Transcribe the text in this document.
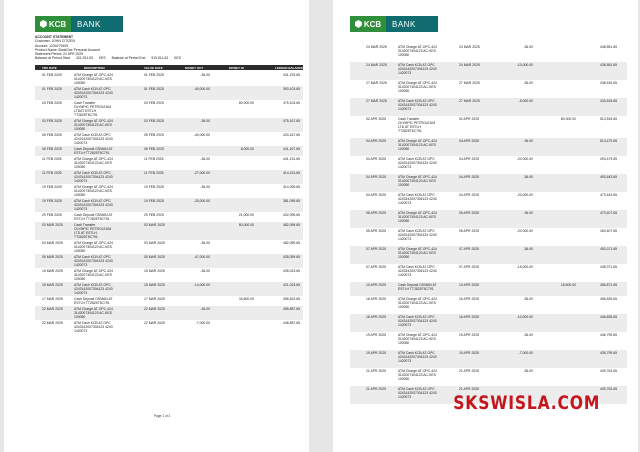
KCB	BANK
ACCOUNT STATEMENT
Customer: JOHN CITIZEN
Account: 1234279405
Product Name: BankOne Personal Account
Statement Period: 21 APR 2025
Balance at Period Start 431,291.63 KES Balance at Period End 519,511.63 KES
TRX DATE	DESCRIPTION	VALUE DATE	MONEY OUT	MONEY IN	LEDGER BALANCE
01 FEB 2025	ATM Charge AT-OPC-424
3142007304123 AC-KES
100050
01 FEB 2025	-36.00	431,193.65
01 FEB 2025	ATM Cash KCB AT-OPC
4243142007304123 4243
1420073
01 FEB 2025	-40,000.00	393,103.65
03 FEB 2025	Cash Transfer
OLYMPIC PETROLEUM
LTDAT ESTLH
TT2825T5C791
03 FEB 2025	80,000.00	475,103.65
03 FEB 2025	ATM Charge AT-OPC-424
3142007304123 AC-KES
100050
03 FEB 2025	-36.00	475,167.65
05 FEB 2025	ATM Cash KCB AT-OPC
4243142007304123 4243
1420073
05 FEB 2025	-40,000.00	433,167.65
06 FEB 2025	Cash Deposit OSMAN AT
ESTLH TT2825T5C791
06 FEB 2025	8,000.00	441,167.65
11 FEB 2025	ATM Charge AT-OPC-424
3142007304123 AC-KES
100050
11 FEB 2025	-36.00	441,131.65
11 FEB 2025	ATM Cash KCB AT-OPC
4243142007304123 4243
1420073
11 FEB 2025	-27,000.00	414,131.65
19 FEB 2025	ATM Charge AT-OPC-424
3142007304123 AC-KES
100050
19 FEB 2025	-36.00	414,095.65
19 FEB 2025	ATM Cash KCB AT-OPC
4243142007304123 4243
1420073
19 FEB 2025	-33,000.00	381,095.65
29 FEB 2025	Cash Deposit OSMAN AT
ESTLH TT2825T5C791
29 FEB 2025	21,000.00	402,095.65
03 MAR 2025	Cash Transfer
OLYMPIC PETROLEUM
LTD AT ESTLH
TT2825T5C791
03 MAR 2025	80,000.00	482,095.65
03 MAR 2025	ATM Charge AT-OPC-424
3142007304123 AC-KES
100050
03 MAR 2025	-36.00	482,059.65
05 MAR 2025	ATM Cash KCB AT-OPC
4243142007304123 4243
1420073
05 MAR 2025	-47,000.00	435,059.65
15 MAR 2025	ATM Charge AT-OPC-424
3142007304123 AC-KES
100050
15 MAR 2025	-36.00	435,023.65
15 MAR 2025	ATM Cash KCB AT-OPC
4243142007304123 4243
1420073
15 MAR 2025	-14,000.00	421,023.65
17 MAR 2025	Cash Deposit OSMAN AT
ESTLH TT2825T5C791
17 MAR 2025	34,600.00	455,623.65
22 MAR 2025	ATM Charge AT-OPC-424
3142007304123 AC-KES
100050
22 MAR 2025	-36.00	455,587.65
22 MAR 2025	ATM Cash KCB AT-OPC
4243142007304123 4243
1420073
22 MAR 2025	-7,000.00	448,587.65
Page 1 of 2
KCB	BANK
24 MAR 2025	ATM Charge AT-OPC-424
3142007304123 AC-KES
100050
24 MAR 2025	-36.00	448,551.65
24 MAR 2025	ATM Cash KCB AT-OPC
4243142007304123 4243
1420073
24 MAR 2025	-10,000.00	438,551.65
27 MAR 2025	ATM Charge AT-OPC-424
3142007304123 AC-KES
100050
27 MAR 2025	-36.00	438,515.65
27 MAR 2025	ATM Cash KCB AT-OPC
4243142007304123 4243
1420073
27 MAR 2025	-5,000.00	433,515.65
02 APR 2025	Cash Transfer
OLYMPIC PETROLEUM
LTD AT ESTLH
TT2825T5C791
02 APR 2025	80,000.00	513,515.65
04 APR 2025	ATM Charge AT-OPC-424
3142007304123 AC-KES
100050
04 APR 2025	-36.00	513,479.65
04 APR 2025	ATM Cash KCB AT-OPC
4243142007304123 4243
1420073
04 APR 2025	-20,000.00	493,479.65
04 APR 2025	ATM Charge AT-OPC-424
3142007304123 AC-KES
100050
04 APR 2025	-36.00	493,443.65
04 APR 2025	ATM Cash KCB AT-OPC
4243142007304123 4243
1420073
04 APR 2025	-20,000.00	473,443.65
05 APR 2025	ATM Charge AT-OPC-424
3142007304123 AC-KES
100050
05 APR 2025	-36.00	473,407.65
05 APR 2025	ATM Cash KCB AT-OPC
4243142007304123 4243
1420073
05 APR 2025	-20,000.00	453,407.65
07 APR 2025	ATM Charge AT-OPC-424
3142007304123 AC-KES
100050
07 APR 2025	-36.00	453,371.65
07 APR 2025	ATM Cash KCB AT-OPC
4243142007304123 4243
1420073
07 APR 2025	-15,000.00	438,371.65
10 APR 2025	Cash Deposit OSMAN AT
ESTLH TT2825T5C791
10 APR 2025	18,500.00	456,871.65
16 APR 2025	ATM Charge AT-OPC-424
3142007304123 AC-KES
100050
16 APR 2025	-36.00	456,835.65
16 APR 2025	ATM Cash KCB AT-OPC
4243142007304123 4243
1420073
16 APR 2025	-10,000.00	446,835.65
19 APR 2025	ATM Charge AT-OPC-424
3142007304123 AC-KES
100050
19 APR 2025	-36.00	446,799.65
19 APR 2025	ATM Cash KCB AT-OPC
4243142007304123 4243
1420073
19 APR 2025	-7,000.00	439,799.65
21 APR 2025	ATM Charge AT-OPC-424
3142007304123 AC-KES
100050
21 APR 2025	-36.00	439,763.65
21 APR 2025	ATM Cash KCB AT-OPC
4243142007304123 4243
1420073
21 APR 2025	439,763.65
SKSWISLA.COM
